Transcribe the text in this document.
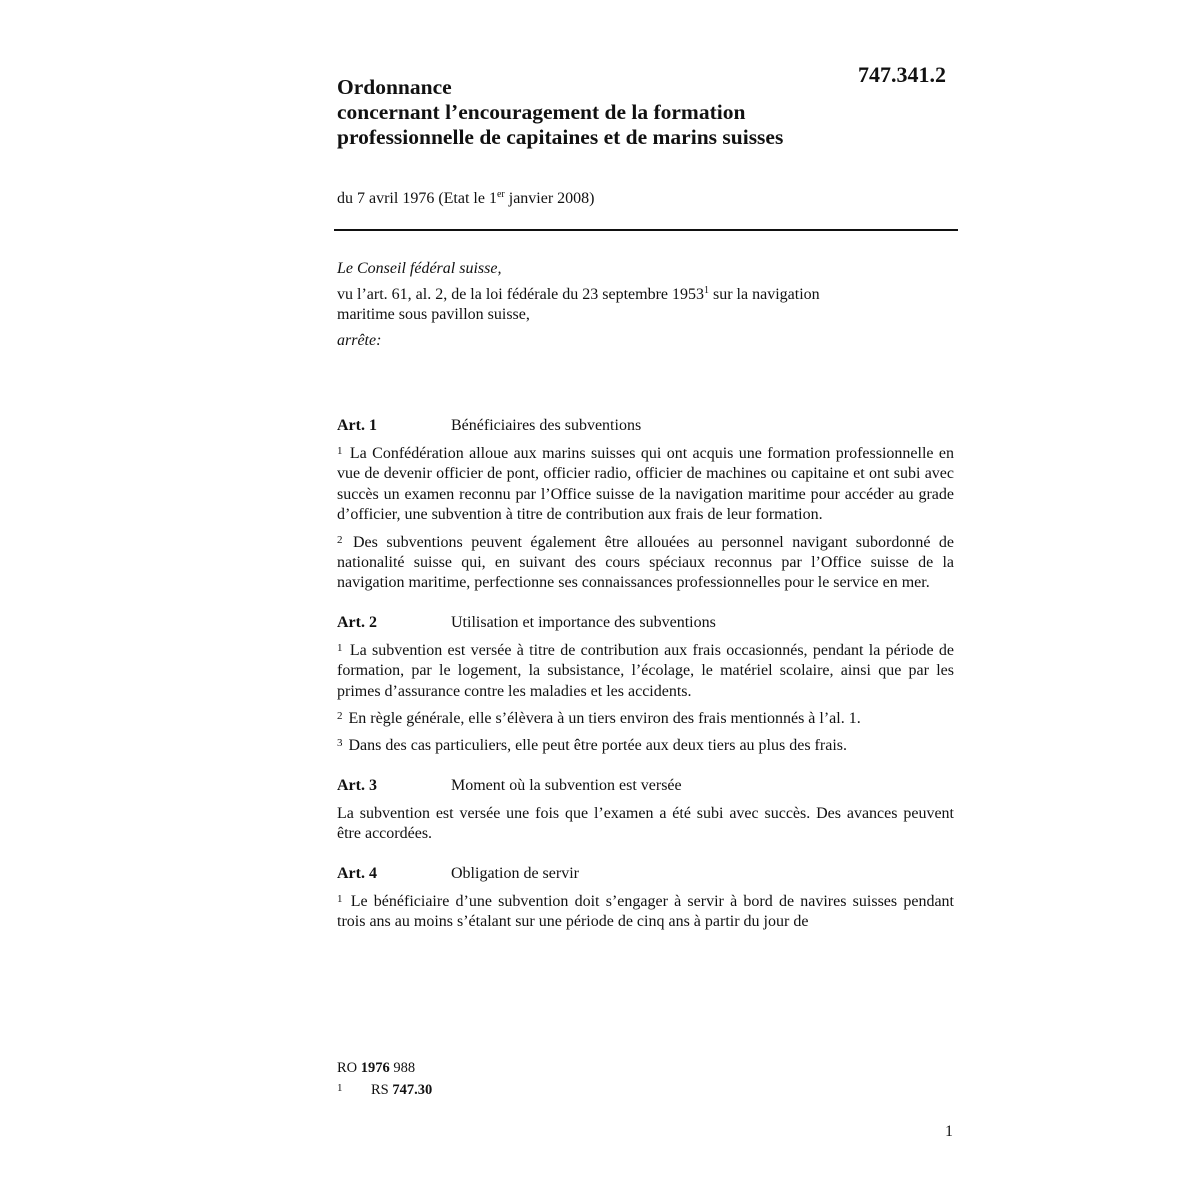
747.341.2
Ordonnance
concernant l’encouragement de la formation
professionnelle de capitaines et de marins suisses
du 7 avril 1976 (Etat le 1er janvier 2008)
Le Conseil fédéral suisse,
vu l’art. 61, al. 2, de la loi fédérale du 23 septembre 1953$^1$ sur la navigation
maritime sous pavillon suisse,
arrête:
Art. 1	Bénéficiaires des subventions
$^1$ La Confédération alloue aux marins suisses qui ont acquis une formation professionnelle en vue de devenir officier de pont, officier radio, officier de machines ou capitaine et ont subi avec succès un examen reconnu par l’Office suisse de la navigation maritime pour accéder au grade d’officier, une subvention à titre de contribution aux frais de leur formation.
$^2$ Des subventions peuvent également être allouées au personnel navigant subordonné de nationalité suisse qui, en suivant des cours spéciaux reconnus par l’Office suisse de la navigation maritime, perfectionne ses connaissances professionnelles pour le service en mer.
Art. 2	Utilisation et importance des subventions
$^1$ La subvention est versée à titre de contribution aux frais occasionnés, pendant la période de formation, par le logement, la subsistance, l’écolage, le matériel scolaire, ainsi que par les primes d’assurance contre les maladies et les accidents.
$^2$ En règle générale, elle s’élèvera à un tiers environ des frais mentionnés à l’al. 1.
$^3$ Dans des cas particuliers, elle peut être portée aux deux tiers au plus des frais.
Art. 3	Moment où la subvention est versée
La subvention est versée une fois que l’examen a été subi avec succès. Des avances peuvent être accordées.
Art. 4	Obligation de servir
$^1$ Le bénéficiaire d’une subvention doit s’engager à servir à bord de navires suisses pendant trois ans au moins s’étalant sur une période de cinq ans à partir du jour de
RO 1976 988
1 RS 747.30
1
